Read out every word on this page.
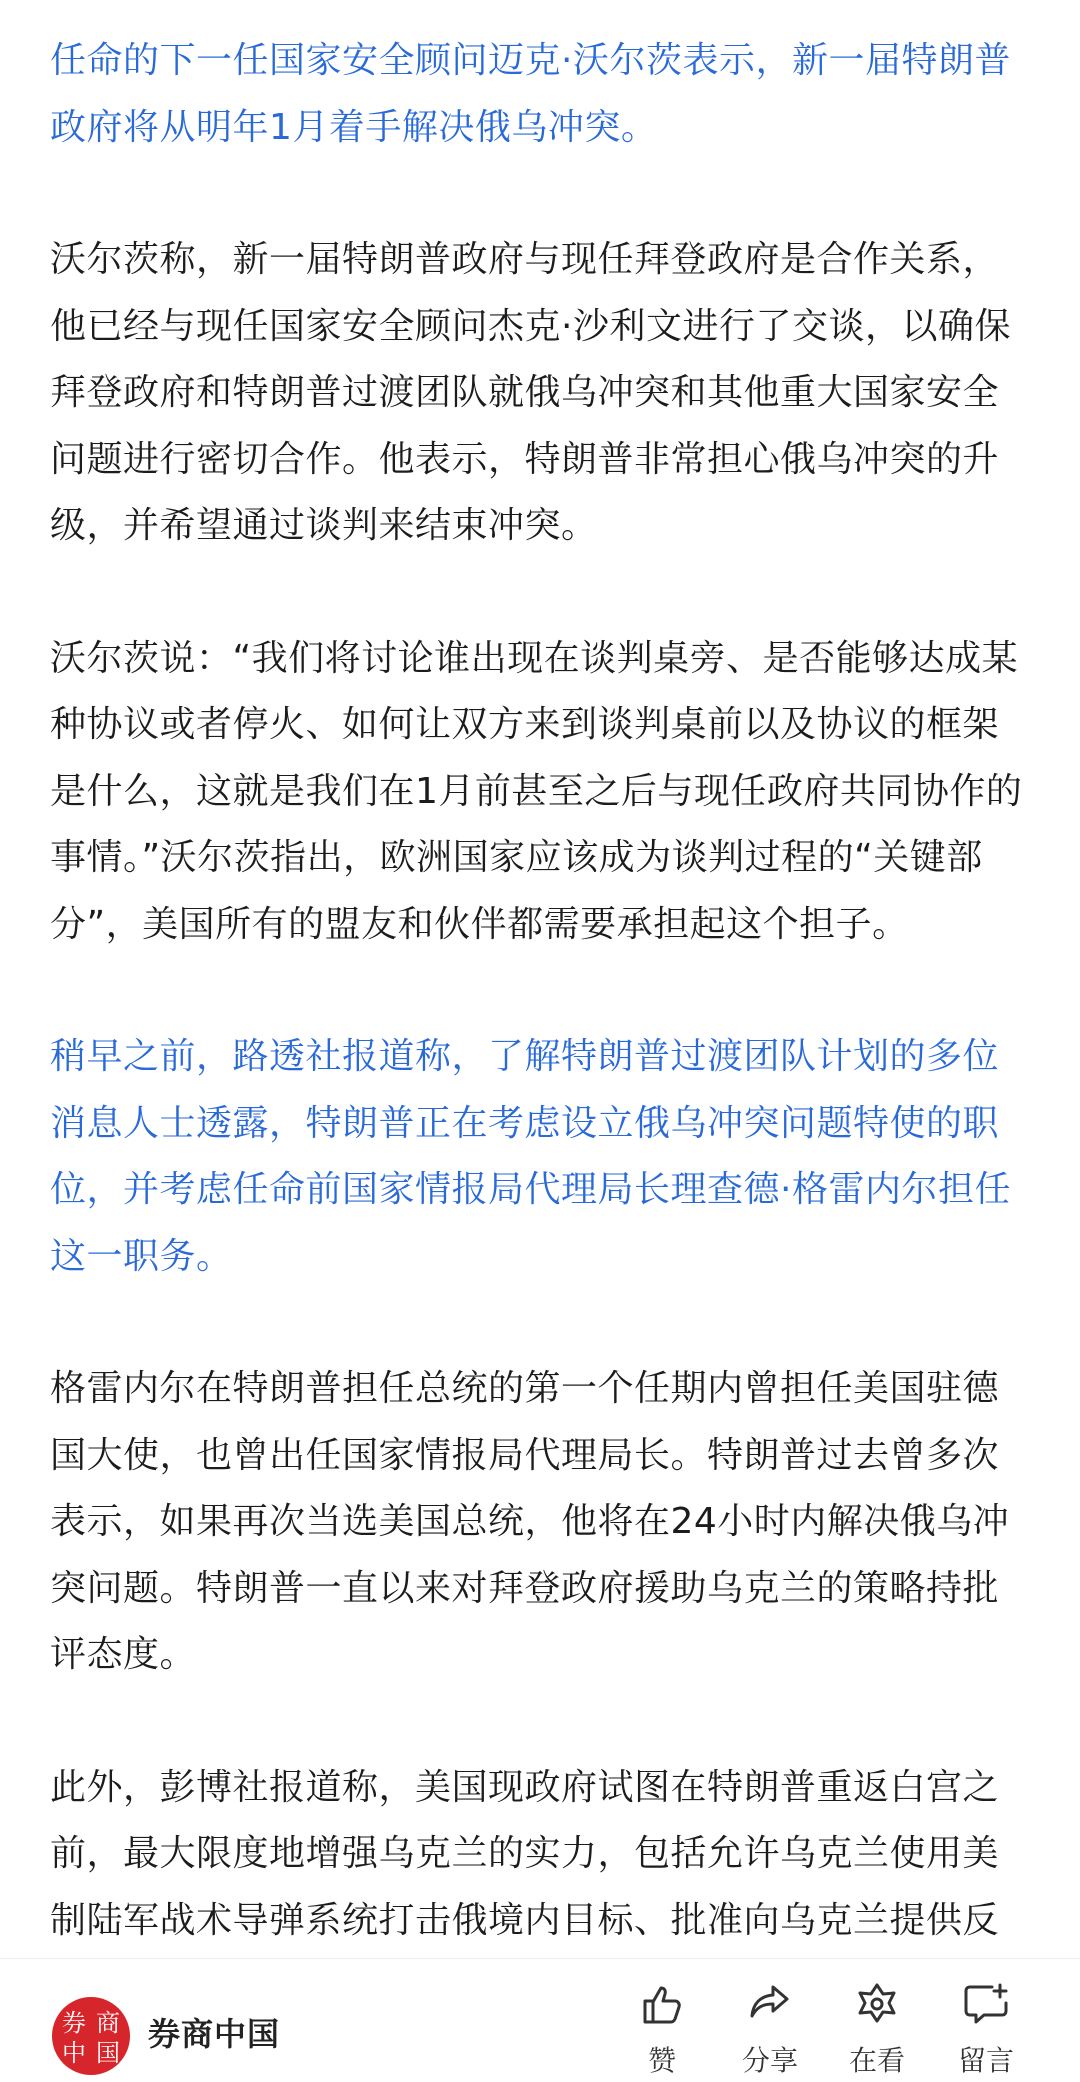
任命的下一任国家安全顾问迈克·沃尔茨表示，新一届特朗普政府将从明年1月着手解决俄乌冲突。

沃尔茨称，新一届特朗普政府与现任拜登政府是合作关系，他已经与现任国家安全顾问杰克·沙利文进行了交谈，以确保拜登政府和特朗普过渡团队就俄乌冲突和其他重大国家安全问题进行密切合作。他表示，特朗普非常担心俄乌冲突的升级，并希望通过谈判来结束冲突。

沃尔茨说：“我们将讨论谁出现在谈判桌旁、是否能够达成某种协议或者停火、如何让双方来到谈判桌前以及协议的框架是什么，这就是我们在1月前甚至之后与现任政府共同协作的事情。”沃尔茨指出，欧洲国家应该成为谈判过程的“关键部分”，美国所有的盟友和伙伴都需要承担起这个担子。

稍早之前，路透社报道称，了解特朗普过渡团队计划的多位消息人士透露，特朗普正在考虑设立俄乌冲突问题特使的职位，并考虑任命前国家情报局代理局长理查德·格雷内尔担任这一职务。

格雷内尔在特朗普担任总统的第一个任期内曾担任美国驻德国大使，也曾出任国家情报局代理局长。特朗普过去曾多次表示，如果再次当选美国总统，他将在24小时内解决俄乌冲突问题。特朗普一直以来对拜登政府援助乌克兰的策略持批评态度。

此外，彭博社报道称，美国现政府试图在特朗普重返白宫之前，最大限度地增强乌克兰的实力，包括允许乌克兰使用美制陆军战术导弹系统打击俄境内目标、批准向乌克兰提供反

券 商
中 国 券商中国
赞	分享	在看	留言
